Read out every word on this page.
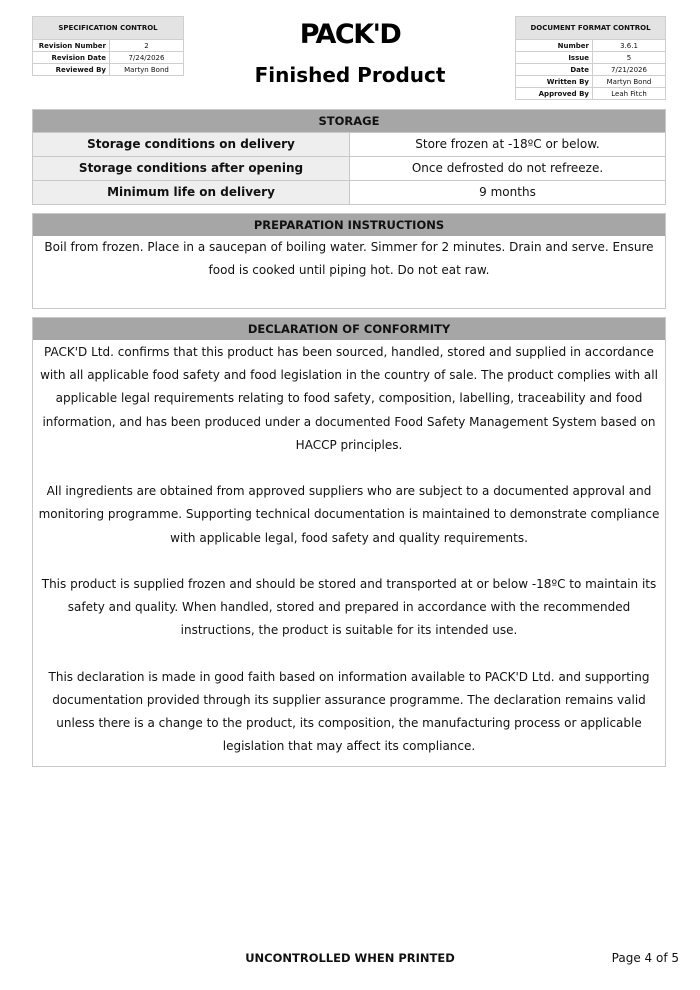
SPECIFICATION CONTROL	
Revision Number	2
Revision Date	7/24/2026
Reviewed By	Martyn Bond
PACK'D
Finished Product
DOCUMENT FORMAT CONTROL	
Number	3.6.1
Issue	5
Date	7/21/2026
Written By	Martyn Bond
Approved By	Leah Fitch
STORAGE
Storage conditions on delivery	Store frozen at -18ºC or below.
Storage conditions after opening	Once defrosted do not refreeze.
Minimum life on delivery	9 months
PREPARATION INSTRUCTIONS

Boil from frozen. Place in a saucepan of boiling water. Simmer for 2 minutes. Drain and serve. Ensure food is cooked until piping hot. Do not eat raw.

DECLARATION OF CONFORMITY

PACK'D Ltd. confirms that this product has been sourced, handled, stored and supplied in accordance with all applicable food safety and food legislation in the country of sale. The product complies with all applicable legal requirements relating to food safety, composition, labelling, traceability and food information, and has been produced under a documented Food Safety Management System based on HACCP principles.

All ingredients are obtained from approved suppliers who are subject to a documented approval and monitoring programme. Supporting technical documentation is maintained to demonstrate compliance with applicable legal, food safety and quality requirements.

This product is supplied frozen and should be stored and transported at or below -18ºC to maintain its safety and quality. When handled, stored and prepared in accordance with the recommended instructions, the product is suitable for its intended use.

This declaration is made in good faith based on information available to PACK'D Ltd. and supporting documentation provided through its supplier assurance programme. The declaration remains valid unless there is a change to the product, its composition, the manufacturing process or applicable legislation that may affect its compliance.

UNCONTROLLED WHEN PRINTED	Page 4 of 5
